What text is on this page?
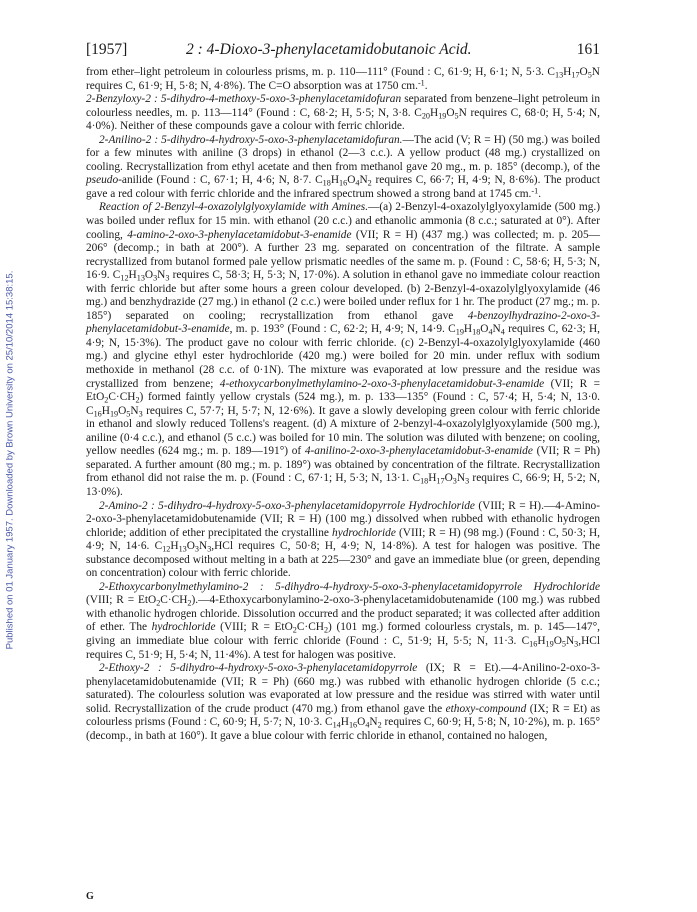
Published on 01 January 1957. Downloaded by Brown University on 25/10/2014 15:38:15.
[1957]	2 : 4-Dioxo-3-phenylacetamidobutanoic Acid.	161

from ether–light petroleum in colourless prisms, m. p. 110—111° (Found : C, 61·9; H, 6·1; N, 5·3. $C_{13}H_{17}O_5N$ requires C, 61·9; H, 5·8; N, 4·8%). The C=O absorption was at 1750 cm.$^{-1}$.

2-Benzyloxy-2 : 5-dihydro-4-methoxy-5-oxo-3-phenylacetamidofuran separated from benzene–light petroleum in colourless needles, m. p. 113—114° (Found : C, 68·2; H, 5·5; N, 3·8. $C_{20}H_{19}O_5N$ requires C, 68·0; H, 5·4; N, 4·0%). Neither of these compounds gave a colour with ferric chloride.

2-Anilino-2 : 5-dihydro-4-hydroxy-5-oxo-3-phenylacetamidofuran.—The acid (V; R = H) (50 mg.) was boiled for a few minutes with aniline (3 drops) in ethanol (2—3 c.c.). A yellow product (48 mg.) crystallized on cooling. Recrystallization from ethyl acetate and then from methanol gave 20 mg., m. p. 185° (decomp.), of the pseudo-anilide (Found : C, 67·1; H, 4·6; N, 8·7. $C_{18}H_{16}O_4N_2$ requires C, 66·7; H, 4·9; N, 8·6%). The product gave a red colour with ferric chloride and the infrared spectrum showed a strong band at 1745 cm.$^{-1}$.

Reaction of 2-Benzyl-4-oxazolylglyoxylamide with Amines.—(a) 2-Benzyl-4-oxazolylglyoxylamide (500 mg.) was boiled under reflux for 15 min. with ethanol (20 c.c.) and ethanolic ammonia (8 c.c.; saturated at 0°). After cooling, 4-amino-2-oxo-3-phenylacetamidobut-3-enamide (VII; R = H) (437 mg.) was collected; m. p. 205—206° (decomp.; in bath at 200°). A further 23 mg. separated on concentration of the filtrate. A sample recrystallized from butanol formed pale yellow prismatic needles of the same m. p. (Found : C, 58·6; H, 5·3; N, 16·9. $C_{12}H_{13}O_3N_3$ requires C, 58·3; H, 5·3; N, 17·0%). A solution in ethanol gave no immediate colour reaction with ferric chloride but after some hours a green colour developed. (b) 2-Benzyl-4-oxazolylglyoxylamide (46 mg.) and benzhydrazide (27 mg.) in ethanol (2 c.c.) were boiled under reflux for 1 hr. The product (27 mg.; m. p. 185°) separated on cooling; recrystallization from ethanol gave 4-benzoylhydrazino-2-oxo-3-phenylacetamidobut-3-enamide, m. p. 193° (Found : C, 62·2; H, 4·9; N, 14·9. $C_{19}H_{18}O_4N_4$ requires C, 62·3; H, 4·9; N, 15·3%). The product gave no colour with ferric chloride. (c) 2-Benzyl-4-oxazolylglyoxylamide (460 mg.) and glycine ethyl ester hydrochloride (420 mg.) were boiled for 20 min. under reflux with sodium methoxide in methanol (28 c.c. of 0·1N). The mixture was evaporated at low pressure and the residue was crystallized from benzene; 4-ethoxycarbonylmethylamino-2-oxo-3-phenylacetamidobut-3-enamide (VII; $R = EtO_2C\cdot CH_2$) formed faintly yellow crystals (524 mg.), m. p. 133—135° (Found : C, 57·4; H, 5·4; N, 13·0. $C_{16}H_{19}O_5N_3$ requires C, 57·7; H, 5·7; N, 12·6%). It gave a slowly developing green colour with ferric chloride in ethanol and slowly reduced Tollens's reagent. (d) A mixture of 2-benzyl-4-oxazolylglyoxylamide (500 mg.), aniline (0·4 c.c.), and ethanol (5 c.c.) was boiled for 10 min. The solution was diluted with benzene; on cooling, yellow needles (624 mg.; m. p. 189—191°) of 4-anilino-2-oxo-3-phenylacetamidobut-3-enamide (VII; R = Ph) separated. A further amount (80 mg.; m. p. 189°) was obtained by concentration of the filtrate. Recrystallization from ethanol did not raise the m. p. (Found : C, 67·1; H, 5·3; N, 13·1. $C_{18}H_{17}O_3N_3$ requires C, 66·9; H, 5·2; N, 13·0%).

2-Amino-2 : 5-dihydro-4-hydroxy-5-oxo-3-phenylacetamidopyrrole Hydrochloride (VIII; R = H).—4-Amino-2-oxo-3-phenylacetamidobutenamide (VII; R = H) (100 mg.) dissolved when rubbed with ethanolic hydrogen chloride; addition of ether precipitated the crystalline hydrochloride (VIII; R = H) (98 mg.) (Found : C, 50·3; H, 4·9; N, 14·6. $C_{12}H_{13}O_3N_3,HCl$ requires C, 50·8; H, 4·9; N, 14·8%). A test for halogen was positive. The substance decomposed without melting in a bath at 225—230° and gave an immediate blue (or green, depending on concentration) colour with ferric chloride.

2-Ethoxycarbonylmethylamino-2 : 5-dihydro-4-hydroxy-5-oxo-3-phenylacetamidopyrrole Hydrochloride (VIII; $R = EtO_2C\cdot CH_2).—4-Ethoxycarbonylamino-2-oxo-3$-phenylacetamidobutenamide (100 mg.) was rubbed with ethanolic hydrogen chloride. Dissolution occurred and the product separated; it was collected after addition of ether. The hydrochloride (VIII; $R = EtO_2C\cdot CH_2$) (101 mg.) formed colourless crystals, m. p. 145—147°, giving an immediate blue colour with ferric chloride (Found : C, 51·9; H, 5·5; N, 11·3. $C_{16}H_{19}O_5N_3,HCl$ requires C, 51·9; H, 5·4; N, 11·4%). A test for halogen was positive.

2-Ethoxy-2 : 5-dihydro-4-hydroxy-5-oxo-3-phenylacetamidopyrrole (IX; R = Et).—4-Anilino-2-oxo-3-phenylacetamidobutenamide (VII; R = Ph) (660 mg.) was rubbed with ethanolic hydrogen chloride (5 c.c.; saturated). The colourless solution was evaporated at low pressure and the residue was stirred with water until solid. Recrystallization of the crude product (470 mg.) from ethanol gave the ethoxy-compound (IX; R = Et) as colourless prisms (Found : C, 60·9; H, 5·7; N, 10·3. $C_{14}H_{16}O_4N_2$ requires C, 60·9; H, 5·8; N, 10·2%), m. p. 165° (decomp., in bath at 160°). It gave a blue colour with ferric chloride in ethanol, contained no halogen,

G
